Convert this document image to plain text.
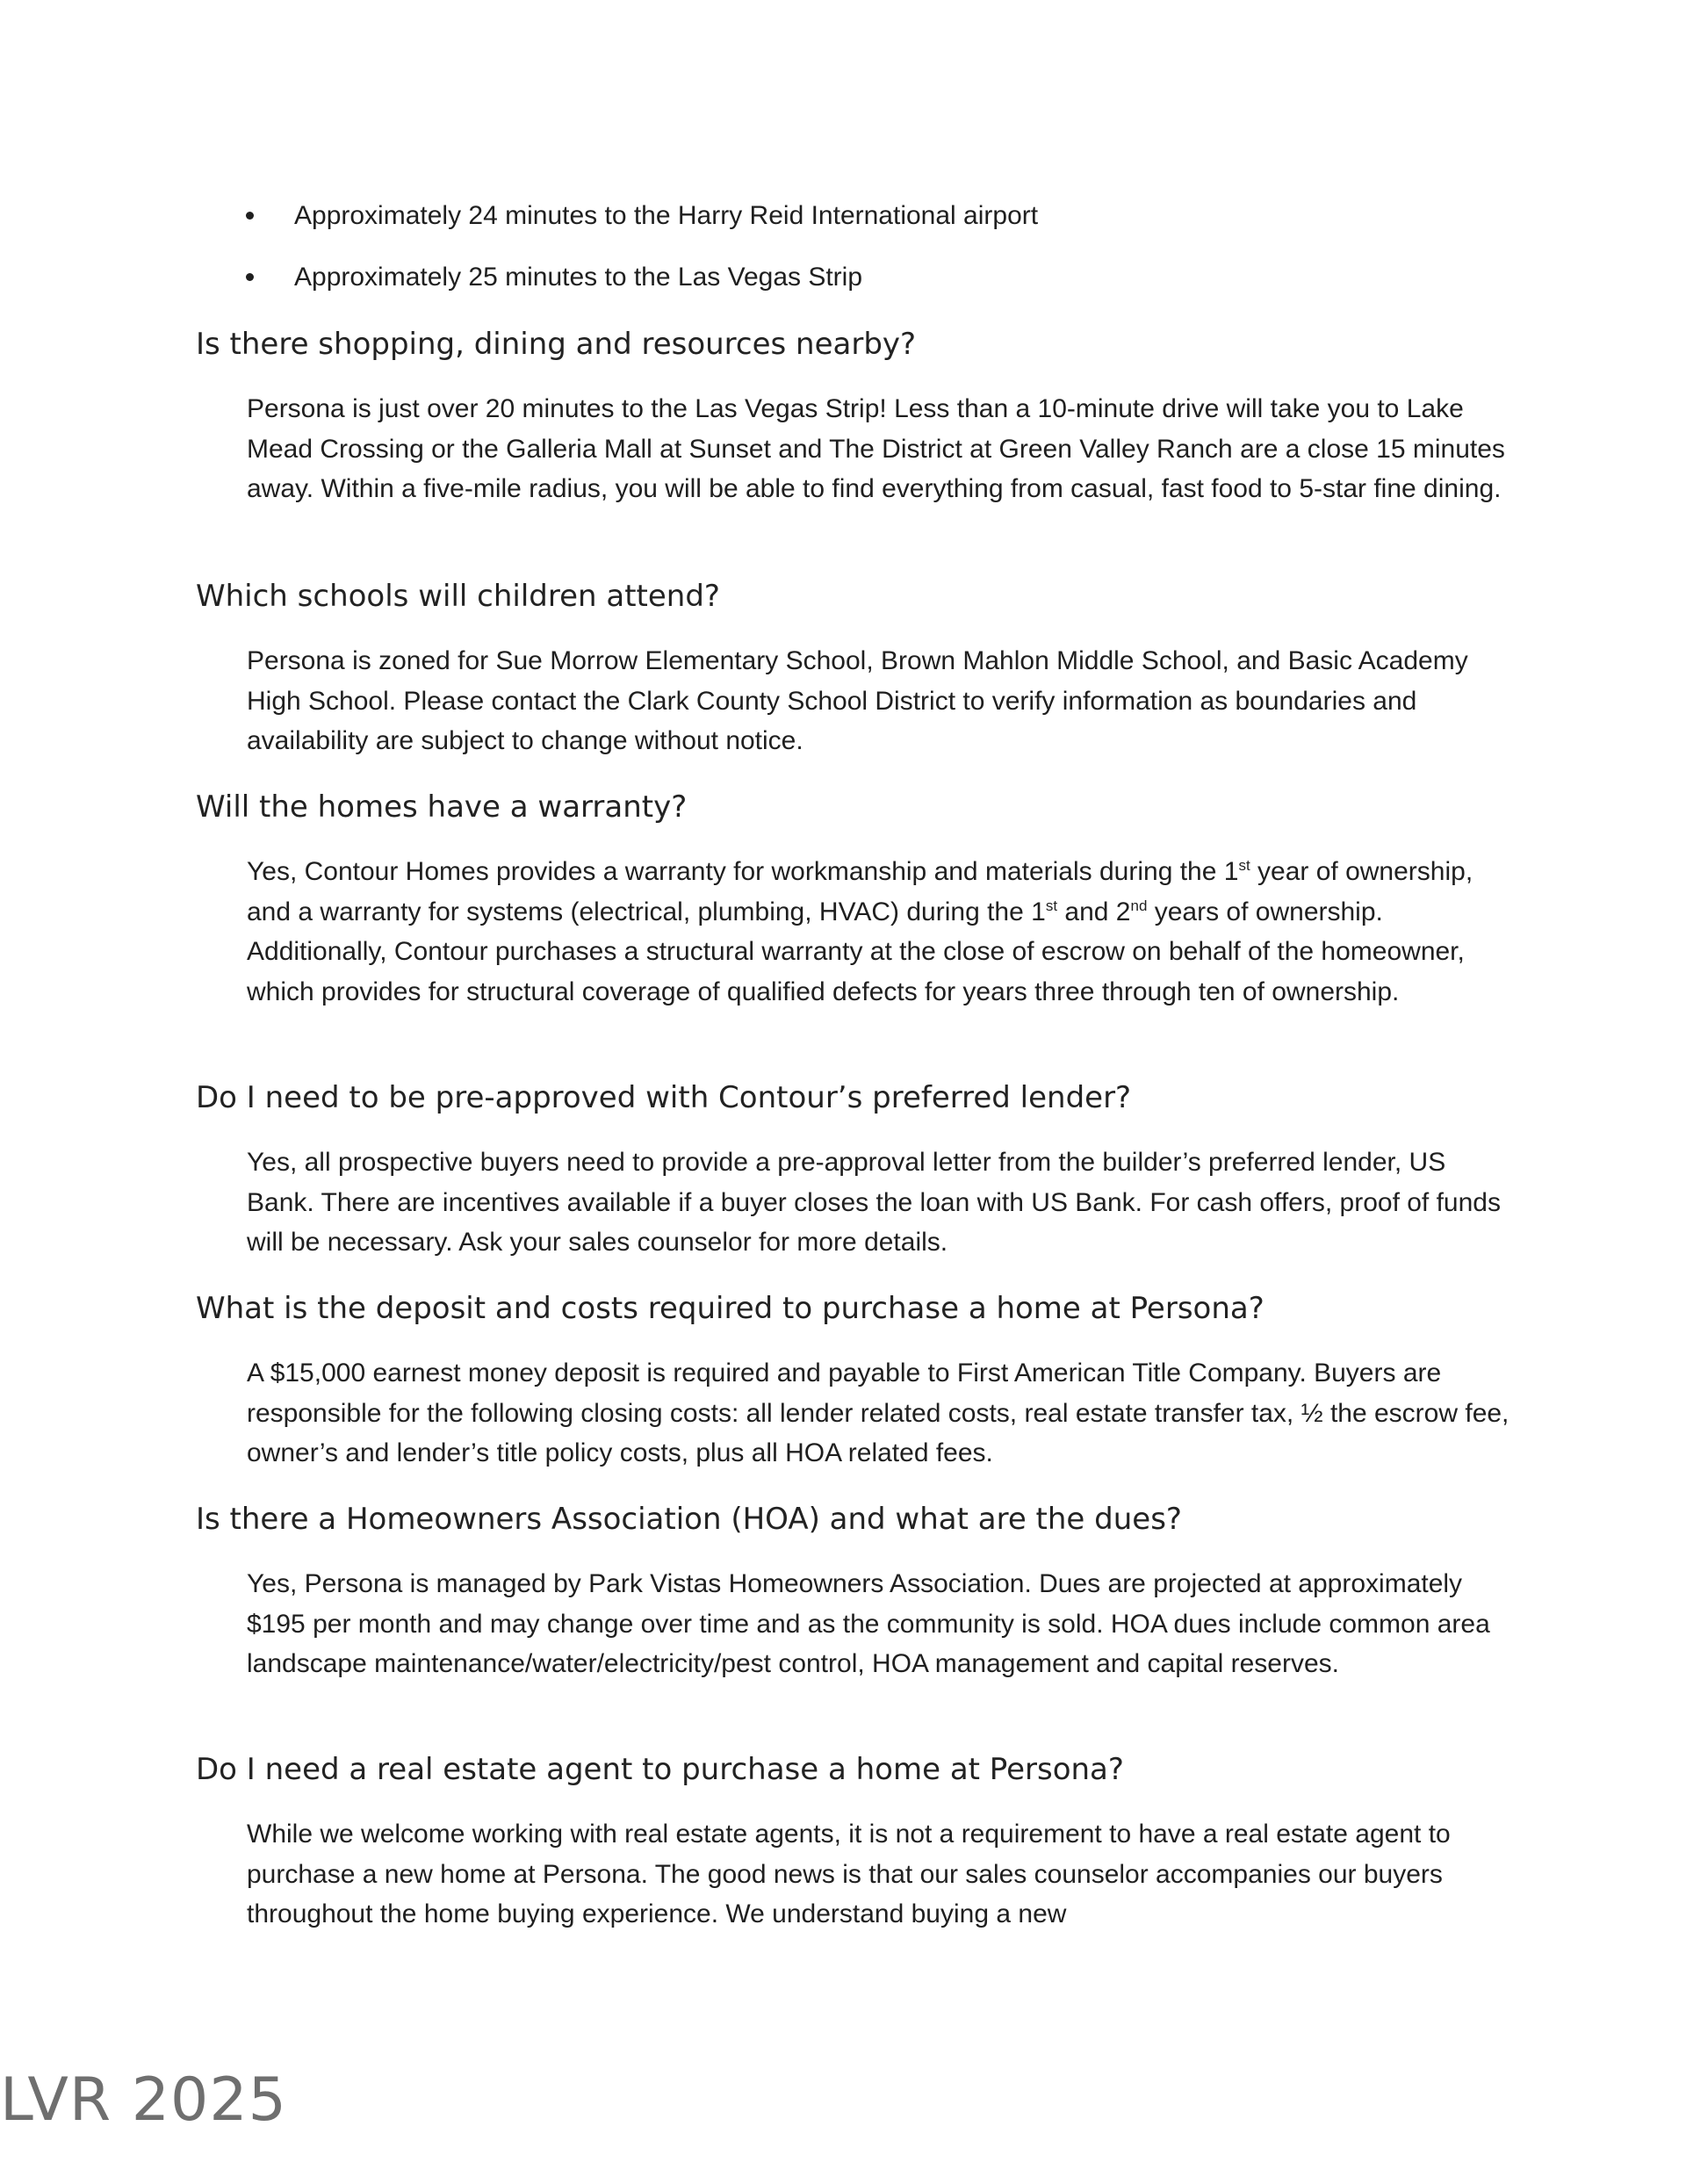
Approximately 24 minutes to the Harry Reid International airport
Approximately 25 minutes to the Las Vegas Strip
Is there shopping, dining and resources nearby?

Persona is just over 20 minutes to the Las Vegas Strip! Less than a 10-minute drive will take you to Lake Mead Crossing or the Galleria Mall at Sunset and The District at Green Valley Ranch are a close 15 minutes away. Within a five-mile radius, you will be able to find everything from casual, fast food to 5-star fine dining.

Which schools will children attend?

Persona is zoned for Sue Morrow Elementary School, Brown Mahlon Middle School, and Basic Academy High School. Please contact the Clark County School District to verify information as boundaries and availability are subject to change without notice.

Will the homes have a warranty?

Yes, Contour Homes provides a warranty for workmanship and materials during the 1st year of ownership, and a warranty for systems (electrical, plumbing, HVAC) during the 1st and 2nd years of ownership. Additionally, Contour purchases a structural warranty at the close of escrow on behalf of the homeowner, which provides for structural coverage of qualified defects for years three through ten of ownership.

Do I need to be pre-approved with Contour’s preferred lender?

Yes, all prospective buyers need to provide a pre-approval letter from the builder’s preferred lender, US Bank. There are incentives available if a buyer closes the loan with US Bank. For cash offers, proof of funds will be necessary. Ask your sales counselor for more details.

What is the deposit and costs required to purchase a home at Persona?

A $15,000 earnest money deposit is required and payable to First American Title Company. Buyers are responsible for the following closing costs: all lender related costs, real estate transfer tax, ½ the escrow fee, owner’s and lender’s title policy costs, plus all HOA related fees.

Is there a Homeowners Association (HOA) and what are the dues?

Yes, Persona is managed by Park Vistas Homeowners Association. Dues are projected at approximately $195 per month and may change over time and as the community is sold. HOA dues include common area landscape maintenance/water/electricity/pest control, HOA management and capital reserves.

Do I need a real estate agent to purchase a home at Persona?

While we welcome working with real estate agents, it is not a requirement to have a real estate agent to purchase a new home at Persona. The good news is that our sales counselor accompanies our buyers throughout the home buying experience. We understand buying a new

LVR 2025
